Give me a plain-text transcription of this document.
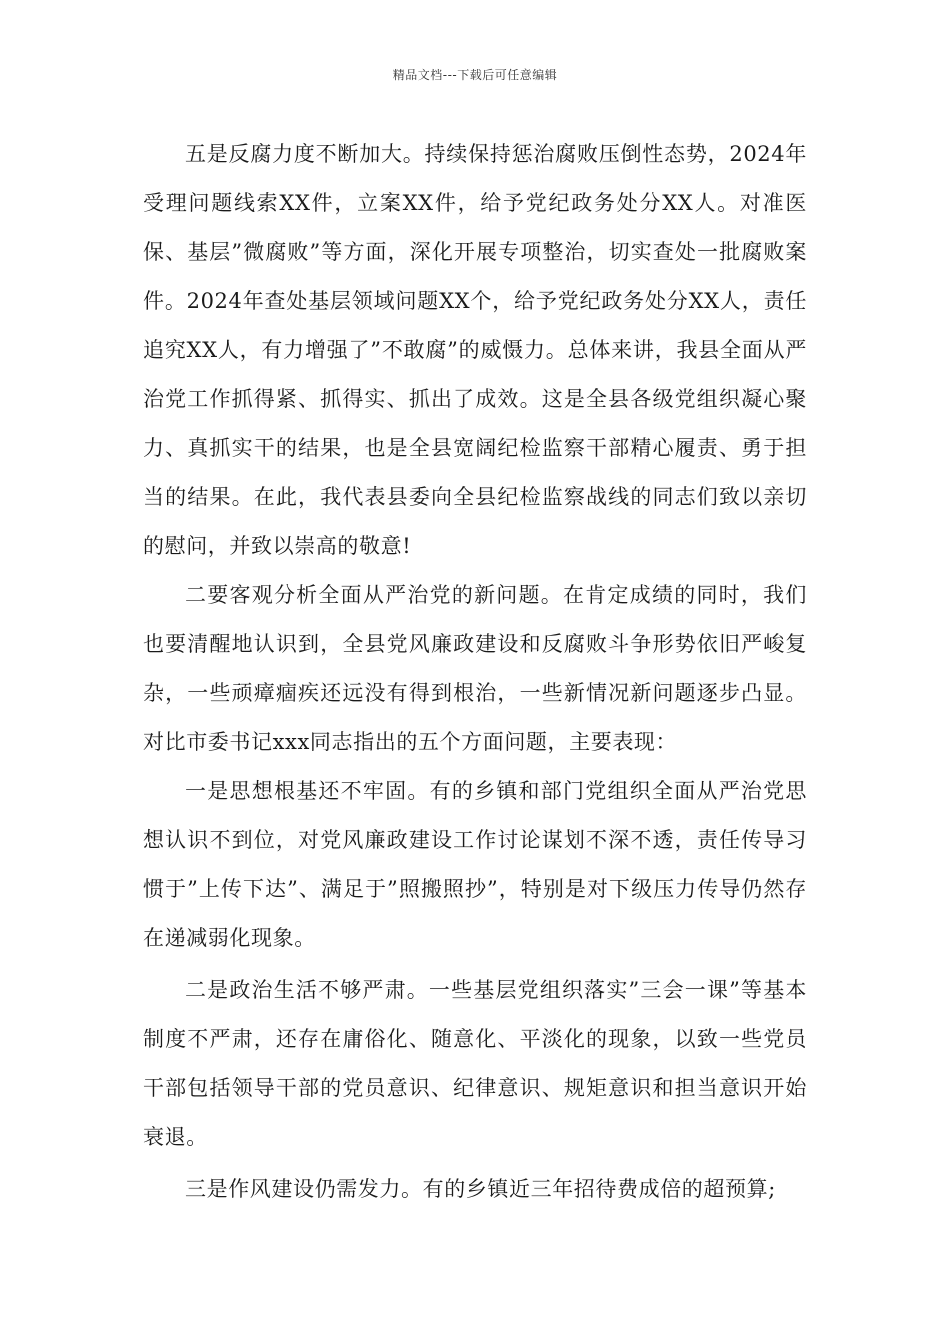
精品文档---下载后可任意编辑

五是反腐力度不断加大。持续保持惩治腐败压倒性态势，2024年受理问题线索XX件，立案XX件，给予党纪政务处分XX人。对准医保、基层”微腐败”等方面，深化开展专项整治，切实查处一批腐败案件。2024年查处基层领域问题XX个，给予党纪政务处分XX人，责任追究XX人，有力增强了”不敢腐”的威慑力。总体来讲，我县全面从严治党工作抓得紧、抓得实、抓出了成效。这是全县各级党组织凝心聚力、真抓实干的结果，也是全县宽阔纪检监察干部精心履责、勇于担当的结果。在此，我代表县委向全县纪检监察战线的同志们致以亲切的慰问，并致以崇高的敬意!

二要客观分析全面从严治党的新问题。在肯定成绩的同时，我们也要清醒地认识到，全县党风廉政建设和反腐败斗争形势依旧严峻复杂，一些顽瘴痼疾还远没有得到根治，一些新情况新问题逐步凸显。对比市委书记xxx同志指出的五个方面问题，主要表现：

一是思想根基还不牢固。有的乡镇和部门党组织全面从严治党思想认识不到位，对党风廉政建设工作讨论谋划不深不透，责任传导习惯于”上传下达”、满足于”照搬照抄”，特别是对下级压力传导仍然存在递减弱化现象。

二是政治生活不够严肃。一些基层党组织落实”三会一课”等基本制度不严肃，还存在庸俗化、随意化、平淡化的现象，以致一些党员干部包括领导干部的党员意识、纪律意识、规矩意识和担当意识开始衰退。

三是作风建设仍需发力。有的乡镇近三年招待费成倍的超预算;
